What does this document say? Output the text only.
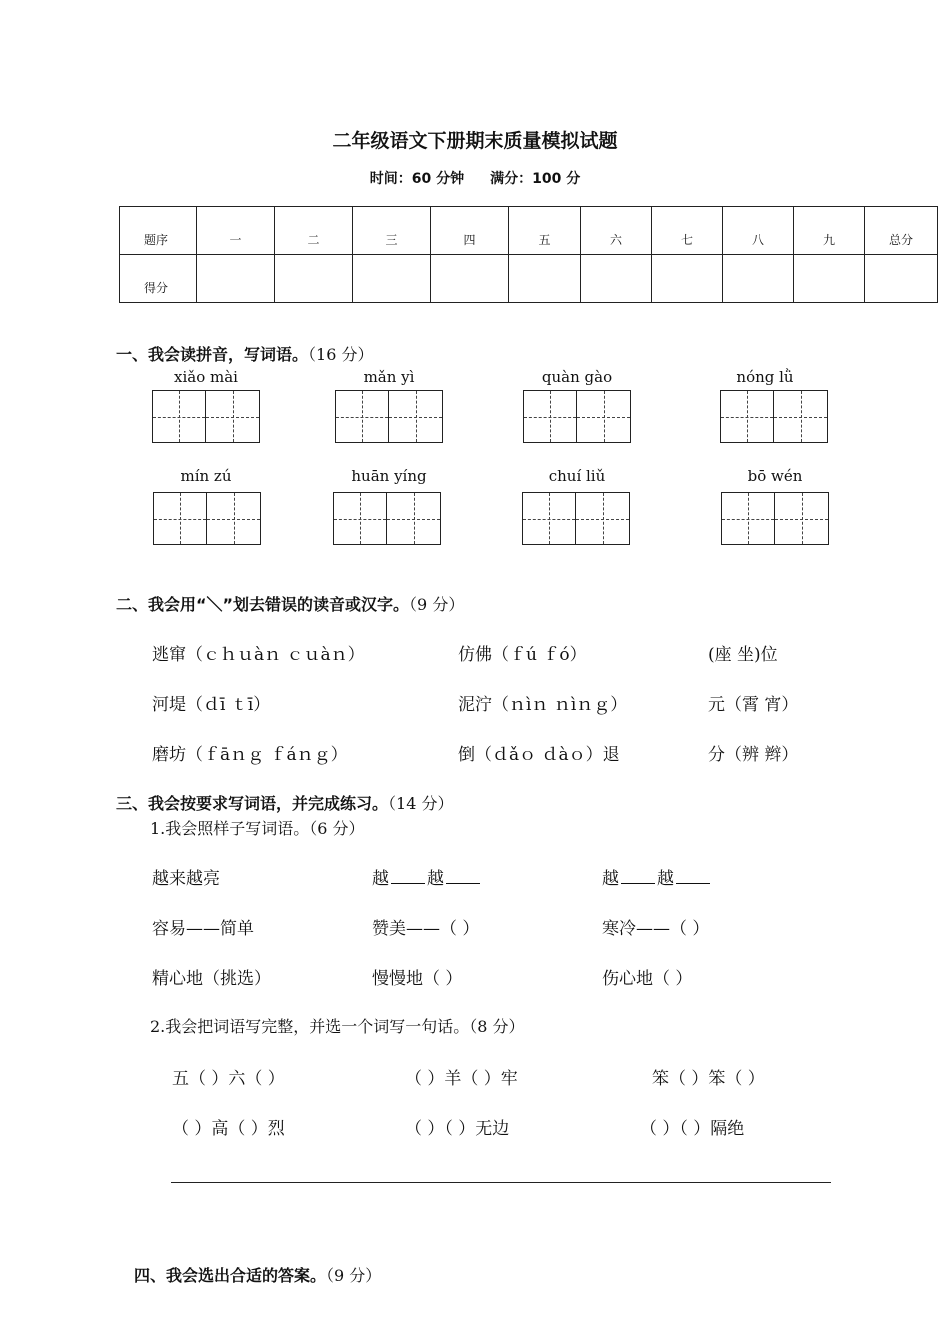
二年级语文下册期末质量模拟试题
时间：60 分钟 满分：100 分
题序	一	二	三	四	五	六	七	八	九	总分
得分										
一、我会读拼音，写词语。（16 分）
xiǎo mài	mǎn yì	quàn gào	nóng lǜ
mín zú	huān yíng	chuí liǔ	bō wén
二、我会用“＼”划去错误的读音或汉字。（9 分）
逃窜（ｃｈｕàｎ ｃｕàｎ）	仿佛（ｆú ｆó）	(座 坐)位
河堤（ｄī ｔī）	泥泞（ｎìｎ ｎìｎｇ）	元（霄 宵）
磨坊（ｆāｎｇ ｆáｎｇ）	倒（ｄǎｏ ｄàｏ）退	分（辨 辫）
三、我会按要求写词语，并完成练习。（14 分）
1.我会照样子写词语。（6 分）
越来越亮	越 越	越 越
容易——简单	赞美——（ ）	寒冷——（ ）
精心地（挑选）	慢慢地（ ）	伤心地（ ）
2.我会把词语写完整，并选一个词写一句话。（8 分）
五（ ）六（ ）	（ ）羊（ ）牢	笨（ ）笨（ ）
（ ）高（ ）烈	（ ）（ ）无边	（ ）（ ）隔绝
四、我会选出合适的答案。（9 分）
